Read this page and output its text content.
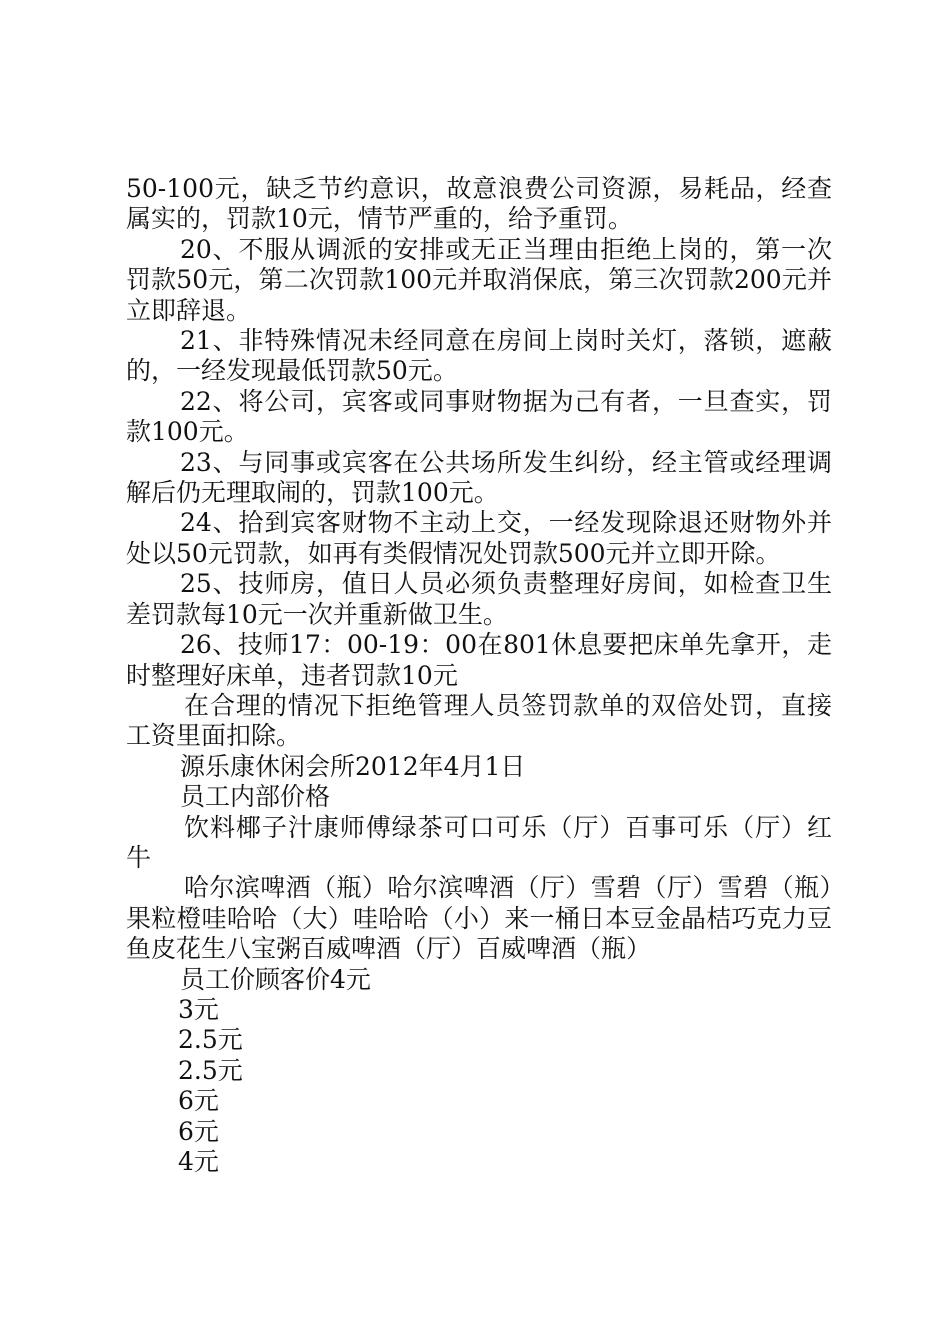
50-100元，缺乏节约意识，故意浪费公司资源，易耗品，经查属实的，罚款10元，情节严重的，给予重罚。

20、不服从调派的安排或无正当理由拒绝上岗的，第一次罚款50元，第二次罚款100元并取消保底，第三次罚款200元并立即辞退。

21、非特殊情况未经同意在房间上岗时关灯，落锁，遮蔽的，一经发现最低罚款50元。

22、将公司，宾客或同事财物据为己有者，一旦查实，罚款100元。

23、与同事或宾客在公共场所发生纠纷，经主管或经理调解后仍无理取闹的，罚款100元。

24、拾到宾客财物不主动上交，一经发现除退还财物外并处以50元罚款，如再有类假情况处罚款500元并立即开除。

25、技师房，值日人员必须负责整理好房间，如检查卫生差罚款每10元一次并重新做卫生。

26、技师17：00-19：00在801休息要把床单先拿开，走时整理好床单，违者罚款10元

在合理的情况下拒绝管理人员签罚款单的双倍处罚，直接工资里面扣除。

源乐康休闲会所2012年4月1日

员工内部价格

饮料椰子汁康师傅绿茶可口可乐（厅）百事可乐（厅）红牛

哈尔滨啤酒（瓶）哈尔滨啤酒（厅）雪碧（厅）雪碧（瓶）果粒橙哇哈哈（大）哇哈哈（小）来一桶日本豆金晶桔巧克力豆鱼皮花生八宝粥百威啤酒（厅）百威啤酒（瓶）

员工价顾客价4元

3元

2.5元

2.5元

6元

6元

4元
